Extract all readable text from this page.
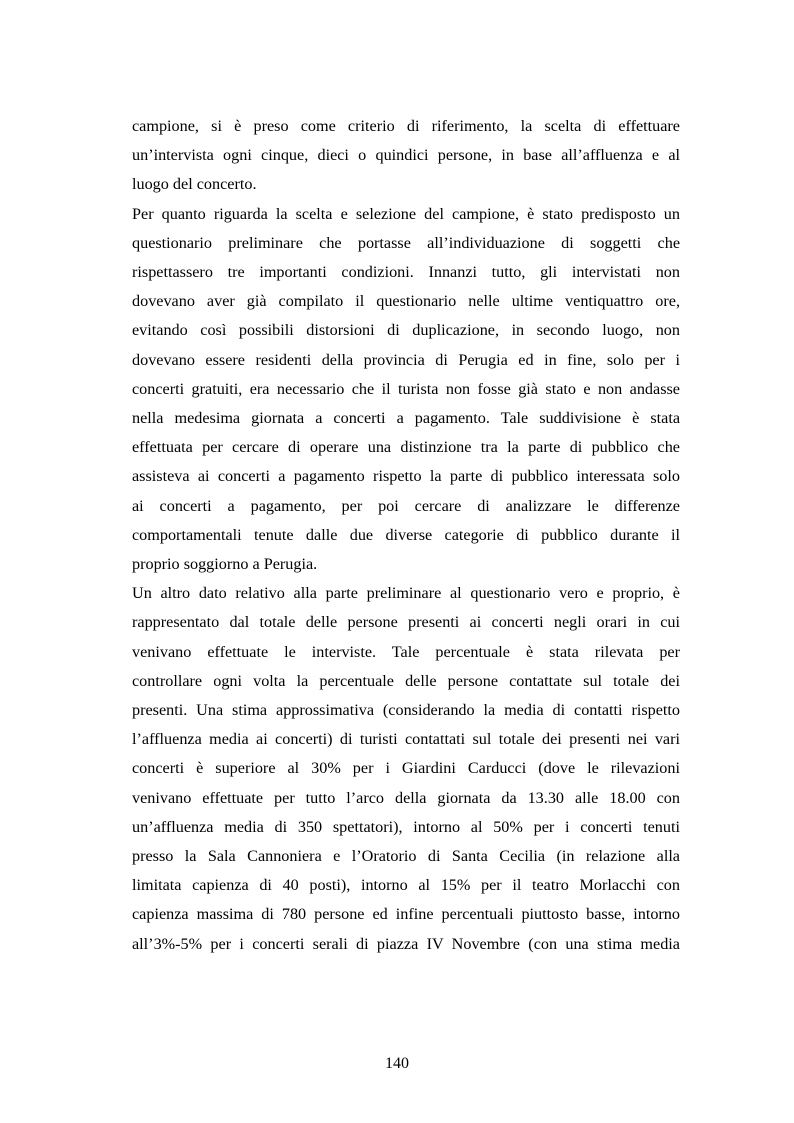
campione, si è preso come criterio di riferimento, la scelta di effettuare
un’intervista ogni cinque, dieci o quindici persone, in base all’affluenza e al
luogo del concerto.

Per quanto riguarda la scelta e selezione del campione, è stato predisposto un
questionario preliminare che portasse all’individuazione di soggetti che
rispettassero tre importanti condizioni. Innanzi tutto, gli intervistati non
dovevano aver già compilato il questionario nelle ultime ventiquattro ore,
evitando così possibili distorsioni di duplicazione, in secondo luogo, non
dovevano essere residenti della provincia di Perugia ed in fine, solo per i
concerti gratuiti, era necessario che il turista non fosse già stato e non andasse
nella medesima giornata a concerti a pagamento. Tale suddivisione è stata
effettuata per cercare di operare una distinzione tra la parte di pubblico che
assisteva ai concerti a pagamento rispetto la parte di pubblico interessata solo
ai concerti a pagamento, per poi cercare di analizzare le differenze
comportamentali tenute dalle due diverse categorie di pubblico durante il
proprio soggiorno a Perugia.

Un altro dato relativo alla parte preliminare al questionario vero e proprio, è
rappresentato dal totale delle persone presenti ai concerti negli orari in cui
venivano effettuate le interviste. Tale percentuale è stata rilevata per
controllare ogni volta la percentuale delle persone contattate sul totale dei
presenti. Una stima approssimativa (considerando la media di contatti rispetto
l’affluenza media ai concerti) di turisti contattati sul totale dei presenti nei vari
concerti è superiore al 30% per i Giardini Carducci (dove le rilevazioni
venivano effettuate per tutto l’arco della giornata da 13.30 alle 18.00 con
un’affluenza media di 350 spettatori), intorno al 50% per i concerti tenuti
presso la Sala Cannoniera e l’Oratorio di Santa Cecilia (in relazione alla
limitata capienza di 40 posti), intorno al 15% per il teatro Morlacchi con
capienza massima di 780 persone ed infine percentuali piuttosto basse, intorno
all’3%-5% per i concerti serali di piazza IV Novembre (con una stima media

140
